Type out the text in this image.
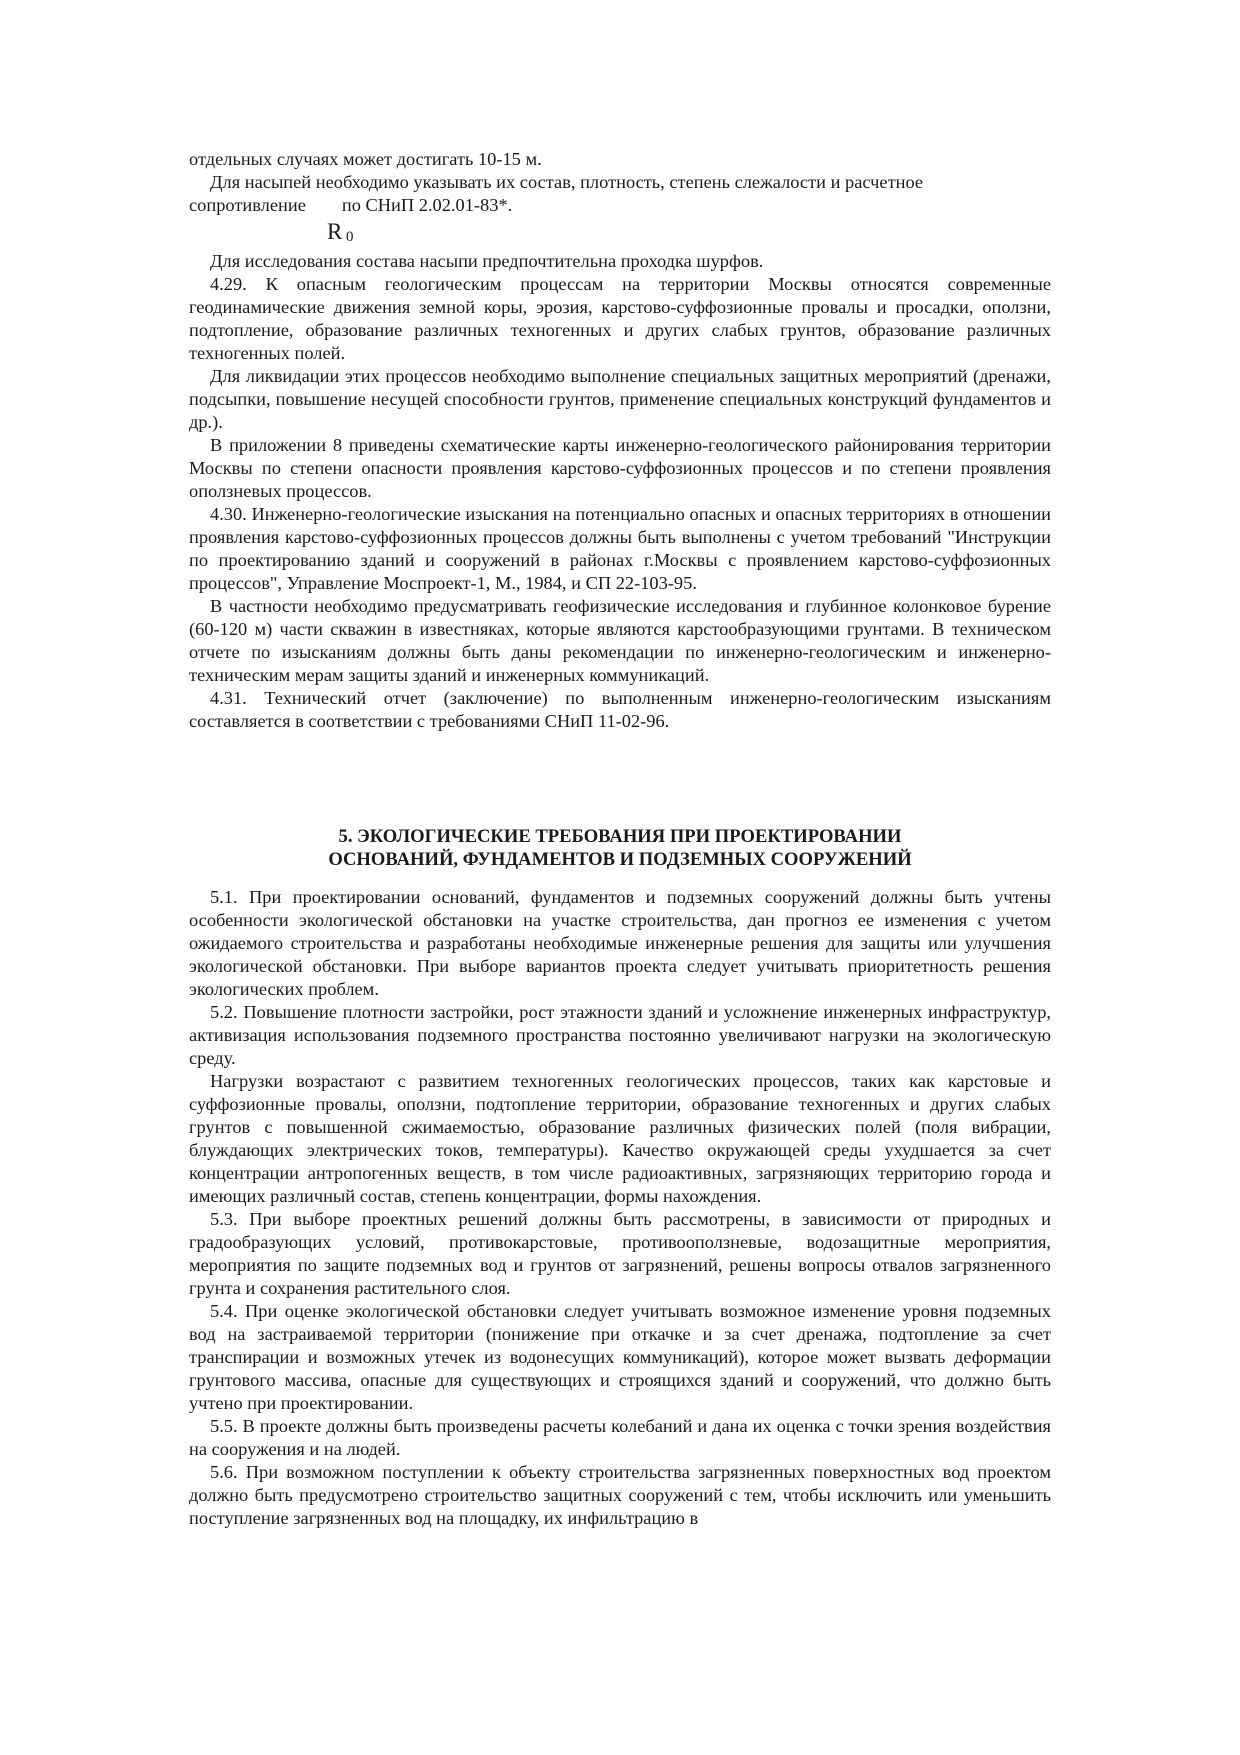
отдельных случаях может достигать 10-15 м.

Для насыпей необходимо указывать их состав, плотность, степень слежалости и расчетное

сопротивление по СНиП 2.02.01-83*.

R 0

Для исследования состава насыпи предпочтительна проходка шурфов.

4.29. К опасным геологическим процессам на территории Москвы относятся современные геодинамические движения земной коры, эрозия, карстово-суффозионные провалы и просадки, оползни, подтопление, образование различных техногенных и других слабых грунтов, образование различных техногенных полей.

Для ликвидации этих процессов необходимо выполнение специальных защитных мероприятий (дренажи, подсыпки, повышение несущей способности грунтов, применение специальных конструкций фундаментов и др.).

В приложении 8 приведены схематические карты инженерно-геологического районирования территории Москвы по степени опасности проявления карстово-суффозионных процессов и по степени проявления оползневых процессов.

4.30. Инженерно-геологические изыскания на потенциально опасных и опасных территориях в отношении проявления карстово-суффозионных процессов должны быть выполнены с учетом требований "Инструкции по проектированию зданий и сооружений в районах г.Москвы с проявлением карстово-суффозионных процессов", Управление Моспроект-1, М., 1984, и СП 22-103-95.

В частности необходимо предусматривать геофизические исследования и глубинное колонковое бурение (60-120 м) части скважин в известняках, которые являются карстообразующими грунтами. В техническом отчете по изысканиям должны быть даны рекомендации по инженерно-геологическим и инженерно-техническим мерам защиты зданий и инженерных коммуникаций.

4.31. Технический отчет (заключение) по выполненным инженерно-геологическим изысканиям составляется в соответствии с требованиями СНиП 11-02-96.

5. ЭКОЛОГИЧЕСКИЕ ТРЕБОВАНИЯ ПРИ ПРОЕКТИРОВАНИИ
ОСНОВАНИЙ, ФУНДАМЕНТОВ И ПОДЗЕМНЫХ СООРУЖЕНИЙ

5.1. При проектировании оснований, фундаментов и подземных сооружений должны быть учтены особенности экологической обстановки на участке строительства, дан прогноз ее изменения с учетом ожидаемого строительства и разработаны необходимые инженерные решения для защиты или улучшения экологической обстановки. При выборе вариантов проекта следует учитывать приоритетность решения экологических проблем.

5.2. Повышение плотности застройки, рост этажности зданий и усложнение инженерных инфраструктур, активизация использования подземного пространства постоянно увеличивают нагрузки на экологическую среду.

Нагрузки возрастают с развитием техногенных геологических процессов, таких как карстовые и суффозионные провалы, оползни, подтопление территории, образование техногенных и других слабых грунтов с повышенной сжимаемостью, образование различных физических полей (поля вибрации, блуждающих электрических токов, температуры). Качество окружающей среды ухудшается за счет концентрации антропогенных веществ, в том числе радиоактивных, загрязняющих территорию города и имеющих различный состав, степень концентрации, формы нахождения.

5.3. При выборе проектных решений должны быть рассмотрены, в зависимости от природных и градообразующих условий, противокарстовые, противооползневые, водозащитные мероприятия, мероприятия по защите подземных вод и грунтов от загрязнений, решены вопросы отвалов загрязненного грунта и сохранения растительного слоя.

5.4. При оценке экологической обстановки следует учитывать возможное изменение уровня подземных вод на застраиваемой территории (понижение при откачке и за счет дренажа, подтопление за счет транспирации и возможных утечек из водонесущих коммуникаций), которое может вызвать деформации грунтового массива, опасные для существующих и строящихся зданий и сооружений, что должно быть учтено при проектировании.

5.5. В проекте должны быть произведены расчеты колебаний и дана их оценка с точки зрения воздействия на сооружения и на людей.

5.6. При возможном поступлении к объекту строительства загрязненных поверхностных вод проектом должно быть предусмотрено строительство защитных сооружений с тем, чтобы исключить или уменьшить поступление загрязненных вод на площадку, их инфильтрацию в
